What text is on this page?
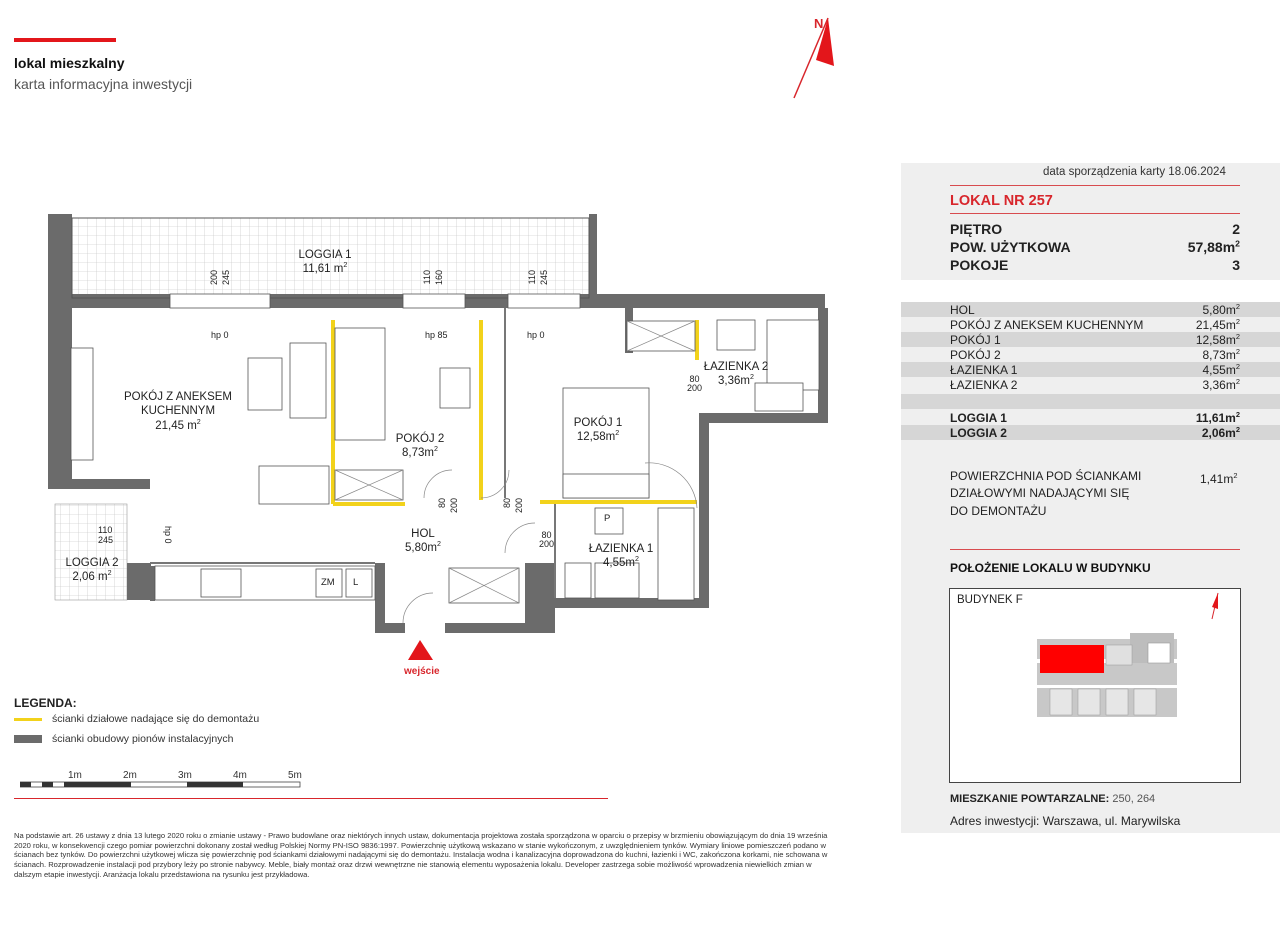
lokal mieszkalny
karta informacyjna inwestycji
N
LOGGIA 1
11,61 $m^2$
POKÓJ Z ANEKSEM KUCHENNYM
21,45 $m^2$
POKÓJ 2
$8,73m^2$
POKÓJ 1
$12,58m^2$
ŁAZIENKA 2
$3,36m^2$
HOL
$5,80m^2$	ŁAZIENKA 1
$4,55m^2$
LOGGIA 2
2,06 $m^2$
200 245	110 160	110 245
hp 0	hp 85	hp 0
110
245	hp 0
80
200
80 200	80 200
80
200
ZM L
P
wejście
LEGENDA:
ścianki działowe nadające się do demontażu
ścianki obudowy pionów instalacyjnych
1m	2m	3m	4m	5m
Na podstawie art. 26 ustawy z dnia 13 lutego 2020 roku o zmianie ustawy - Prawo budowlane oraz niektórych innych ustaw, dokumentacja projektowa została sporządzona w oparciu o przepisy w brzmieniu obowiązującym do dnia 19 września 2020 roku, w konsekwencji czego pomiar powierzchni dokonany został według Polskiej Normy PN-ISO 9836:1997. Powierzchnię użytkową wskazano w stanie wykończonym, z uwzględnieniem tynków. Wymiary liniowe pomieszczeń podano w ścianach bez tynków. Do powierzchni użytkowej wlicza się powierzchnię pod ściankami działowymi nadającymi się do demontażu. Instalacja wodna i kanalizacyjna doprowadzona do kuchni, łazienki i WC, zakończona korkami, nie schowana w ścianach. Rozprowadzenie instalacji pod przybory leży po stronie nabywcy. Meble, biały montaż oraz drzwi wewnętrzne nie stanowią elementu wyposażenia lokalu. Developer zastrzega sobie możliwość wprowadzenia niewielkich zmian w dalszym etapie inwestycji. Aranżacja lokalu przedstawiona na rysunku jest przykładowa.
data sporządzenia karty 18.06.2024
LOKAL NR 257
PIĘTRO	2
POW. UŻYTKOWA	$57,88m^2$
POKOJE	3
HOL	$5,80m^2$
POKÓJ Z ANEKSEM KUCHENNYM	$21,45m^2$
POKÓJ 1	$12,58m^2$
POKÓJ 2	$8,73m^2$
ŁAZIENKA 1	$4,55m^2$
ŁAZIENKA 2	$3,36m^2$
LOGGIA 1	$11,61m^2$
LOGGIA 2	$2,06m^2$
POWIERZCHNIA POD ŚCIANKAMI
DZIAŁOWYMI NADAJĄCYMI SIĘ
DO DEMONTAŻU
$1,41m^2$
POŁOŻENIE LOKALU W BUDYNKU
BUDYNEK F
MIESZKANIE POWTARZALNE: 250, 264
Adres inwestycji: Warszawa, ul. Marywilska
